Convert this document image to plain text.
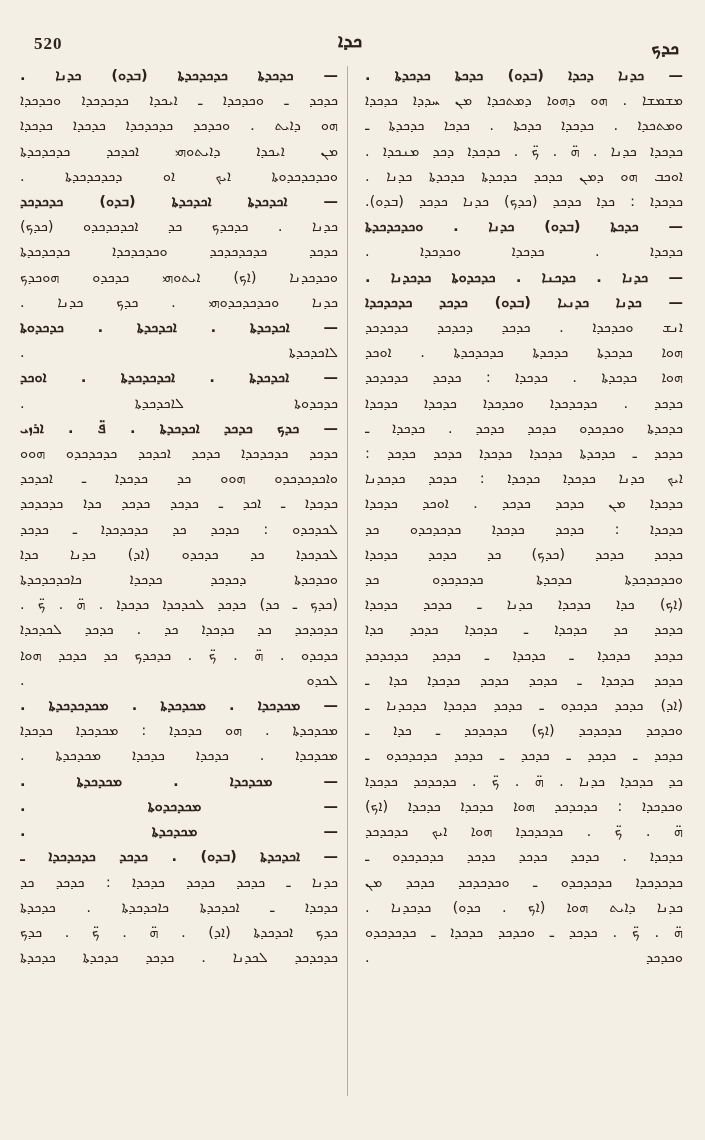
520	ܟܕܐ	ܟܕܟ
— ܟܕܢܐ ܕܟܕܐ (ܒܕܘ) ܟܕܟܬܐ ܟܕܟܕܬܐ .
ܡܫܡܫܐ . ܗܘ ܕܗܘܐ ܕܡܬܟܕܐ ܡܢ ܚܕܕܐ ܟܕܟܕܐ
ܘܡܬܟܕܐ . ܟܕܟܕܐ ܟܕܟܬܐ . ܟܕܟܐ ܟܕܟܕܬܐ ـ
ܟܕܟܕܐ ܟܕܢܐ . ܗ̈ . ܟ̈ . ܟܕܟܕܐ ܕܟܕ ܡܢܟܕܐ .
ܐܘܟܒ ܗܘ ܕܡܢ ܟܕܟܕ ܟܕܟܕܬܐ ܟܕܟܕܬܐ ܟܕܢܐ .
ܟܕܟܕܐ : ܟܕܐ ܟܕܟܕ (ܟܕܟ) ܟܕܢܐ ܟܕܟܕ (ܒܕܘ).
— ܟܕܟܬܐ (ܒܕܘ) ܟܕܢܐ . ܘܟܕܟܕܟܕܬܐ
ܟܕܟܕܐ . ܟܕܟܕܐ ܘܟܕܟܕܐ .
— ܟܕܢܐ . ܟܕܟܢܐ . ܟܕܟܕܘܬܐ ܟܕܟܕܢܐ .
— ܟܕܢܐ ܟܕܢܝܐ (ܒܕܘ) ܟܕܟܕ ܟܕܟܕܟܕܐ
ܐܢܫ ܘܟܕܟܕܐ . ܟܕܟܕ ܕܟܕܟܕ ܟܕܟܕܟܕ
ܗܘܐ ܟܕܟܕܬܐ ܟܕܟܕܬܐ ܟܕܟܕܟܕܬܐ . ܐܘܟܕ
ܗܘܐ ܟܕܟܕܬܐ . ܟܕܟܕܐ : ܟܕܟܕ ܟܕܟܕܟܕ
ܟܕܟܕ . ܟܕܟܕܟܕܐ ܘܟܕܟܕܐ ܟܕܟܕܐ ܟܕܟܕܐ
ܟܕܟܕܬܐ ܘܟܕܟܕܘ ܟܕܟܕ ܟܕܟܕ . ܟܕܟܕܐ ـ
ܟܕܟܕ ـ ܟܕܟܕܬܐ ܟܕܟܕܐ ܟܕܟܕܐ ܟܕܟܕ ܟܕܟܕ :
ܐܝܟ ܟܕܢܐ ܟܕܟܕܐ ܟܕܟܕܐ : ܟܕܟܕ ܟܕܟܕܢܐ
ܟܕܟܕܐ ܡܢ ܟܕܟܕ ܟܕܟܕ . ܐܘܟܕ ܟܕܟܕܐ
ܟܕܟܕܐ : ܟܕܟܕ ܟܕܟܕܐ ܟܕܟܕܟܕܘ ܟܕ
ܟܕܟܕ ܟܕܟܕ (ܟܕܟ) ܟܕ ܟܕܟܕ ܟܕܟܕܐ
ܘܟܕܟܕܟܕܬܐ ܟܕܟܕܬܐ ܟܕܟܕܟܕܘ ܟܕ
(ܐܟ) ܟܕܐ ܟܕܟܕܐ ܟܕܢܐ ـ ܟܕܟܕ ܟܕܟܕܐ
ܟܕܟܕ ܟܕ ܟܕܟܕܐ ـ ܟܕܟܕܐ ܟܕܟܕ ܟܕܐ
ܟܕܟܕ ܟܕܟܕܐ ـ ܟܕܟܕܐ ـ ܟܕܟܕ ܟܕܟܕܟܕ
ܟܕܟܕ ܟܕܟܕܐ ـ ܟܕܟܕ ܟܕܟܕ ܟܕܟܕܐ ܟܕܐ ـ
(ܐܕ) ܟܕܟܕ ܟܕܟܕܘ ـ ܟܕܟܕ ܟܕܟܕܐ ܟܕܟܕܢܐ ـ
ܘܟܕܟܕ ܟܕܟܕܟܕ (ܐܟ) ܟܕܟܕܟܕ ـ ܟܕܐ ـ
ܟܕܟܕ ـ ܟܕܟܕ ـ ܟܕܟܕ ـ ܟܕܟܕ ܟܕܟܕܟܕܘ ـ
ܟܕ ܟܕܟܕܐ ܟܕܢܐ . ܗ̈ . ܟ̈ . ܟܕܟܕܟܕ ܟܕܟܕܐ
ܘܟܕܟܕܐ : ܟܕܟܕܟܕ ܗܘܐ ܟܕܟܕܐ ܟܕܟܕܐ (ܐܟ)
ܗ̈ . ܟ̈ . ܟܕܟܕܟܕܐ ܗܘܐ ܐܝܟ ܟܕܟܕܟܕ
ܟܕܟܕܐ . ܟܕܟܕ ܟܕܟܕ ܟܕܟܕ ܟܕܟܕܟܕܘ ـ
ܟܕܟܕܟܕܐ ܟܕܟܕܟܕܘ ـ ܘܟܕܟܕܟܕ ܟܕܟܕ ܡܢ
ܟܕܢܐ ܕܐܝܬ ܗܘܐ (ܐܟ . ܟܕܘ) ܟܕܟܕܢܐ .
ܗ̈ . ܟ̈ . ܟܕܟܕ ـ ܘܟܕܟܕ ܟܕܟܕܐ ـ ܟܕܟܕܟܕܘ
ܘܟܕܟܕ .
— ܟܕܟܕܬܐ ܟܕܟܕܟܕܬܐ (ܒܕܘ) ܟܕܢܐ .
ܟܕܟܕ ـ ܘܟܕܟܕܐ ـ ܐܝܟܕܐ ܟܕܟܕܟܕܐ ܘܟܕܟܕܐ
ܗܘ ܕܐܝܬ . ܘܟܕܟܕ ܟܕܟܕܟܕܐ ܟܕܟܕܐ ܟܕܟܕܐ
ܡܢ ܐܝܟܕܐ ܕܐܝܬܘܗܝ ܐܟܕܟܕ ܟܕܟܕܟܕܬܐ
ܘܟܕܟܕܟܕܘܬܐ ܐܝܟ ܐܘ ܕܟܕܟܕܟܕܬܐ .
— ܐܟܕܟܕܬܐ ܐܟܕܟܕܬܐ (ܒܕܘ) ܟܕܟܕܟܕ
ܟܕܢܐ . ܟܕܟܕܟ ܟܕ ܐܟܕܟܕܟܕܘ (ܟܕܟ)
ܟܕܟܕ ܟܕܟܕܟܕܟܕ ܘܟܕܟܕܟܕܐ ܟܕܟܕܟܕܬܐ
ܘܟܕܟܕܢܐ (ܐܟ) ܐܝܬܘܗܝ ܟܕܟܕܘ ܗܘܟܕܟ
ܟܕܢܐ ܘܟܕܟܕܟܕܘܗܝ . ܟܕܟ ܟܕܢܐ .
— ܐܟܕܟܕܬܐ . ܐܟܕܟܕܬܐ . ܟܕܟܕܘܬܐ
ܠܐܟܕܟܕܬܐ .
— ܐܟܕܟܕܬܐ . ܐܟܕܟܕܟܕܬܐ . ܐܘܟܕ
ܟܕܟܕܘܬܐ ܠܐܟܕܟܕܬܐ .
— ܟܕܟ ܟܕܟܕ ܐܟܕܟܕܬܐ . ܦ̈ . ܐܪܙܝ
ܟܕܟܕ ܟܕܟܕܟܕܐ ܟܕܟܕ ܐܟܕܟܕ ܟܕܟܕܟܕܘ ܗܘܘ
ܘܐܟܕܟܕܟܕܘ ܗܘܘ ܟܕ ܟܕܟܕܐ ـ ܐܟܕܟܕ
ܟܕܟܕܐ ـ ܐܟܕ ـ ܟܕܟܕ ܟܕܟܕ ܟܕܐ ܟܕܟܕܟܕ
ܠܟܕܟܕܘ : ܟܕܟܕ ܟܕ ܟܕܟܕܟܕܐ ـ ܟܕܟܕ
ܠܟܕܟܕܐ ܟܕ ܟܕܟܕܘ (ܐܕ) ܟܕܢܐ ܟܕܐ
ܘܟܕܟܕܬܐ ܕܟܕܟܕ ܟܕܟܕܐ ܟܐܟܕܟܕܟܕܬܐ
(ܟܕܟ ـ ܟܕ) ܟܕܟܕ ܠܟܕܟܕܐ ܟܕܟܕܐ . ܗ̈ . ܟ̈ .
ܟܕܟܕܟܕ ܟܕ ܟܕܟܕܐ ܟܕ . ܟܕܟܕ ܠܟܕܟܕܐ
ܟܕܟܕܘ . ܗ̈ . ܟ̈ . ܟܕܟܕܟ ܟܕ ܟܕܟܕ ܗܘܐ
ܠܟܕܘ .
— ܡܟܕܟܕܐ . ܡܟܕܟܕܬܐ . ܡܟܕܟܕܟܕܬܐ .
ܡܟܕܟܕܬܐ . ܗܘ ܟܕܟܕܐ : ܡܟܕܟܕܐ ܟܕܟܕܐ
ܡܟܕܟܕܐ . ܟܕܟܕܐ ܟܕܟܕܐ ܡܟܕܟܕܬܐ .
— ܡܟܕܟܕܐ . ܡܟܕܟܕܬܐ .
— ܡܟܕܟܕܘܬܐ .
— ܡܟܕܟܕܬܐ .
— ܐܟܕܟܕܬܐ (ܒܕܘ) . ܟܕܟܕ ܟܕܟܕܟܕܐ ـ
ܟܕܢܐ ـ ܟܕܟܕ ܟܕܟܕ ܟܕܟܕܐ : ܟܕܟܕ ܟܕ
ܟܕܟܕܐ ـ ܐܟܕܟܕܬܐ ܟܐܟܕܟܕܬܐ . ܟܕܟܕܬܐ
ܟܕܟ ܐܟܕܟܕܬܐ (ܐܕ) . ܗ̈ . ܟ̈ . ܟܕܟ
ܟܕܟܕܟܕ ܠܟܕܢܐ . ܟܕܟܕ ܟܕܟܕܬܐ ܟܕܟܕܬܐ
